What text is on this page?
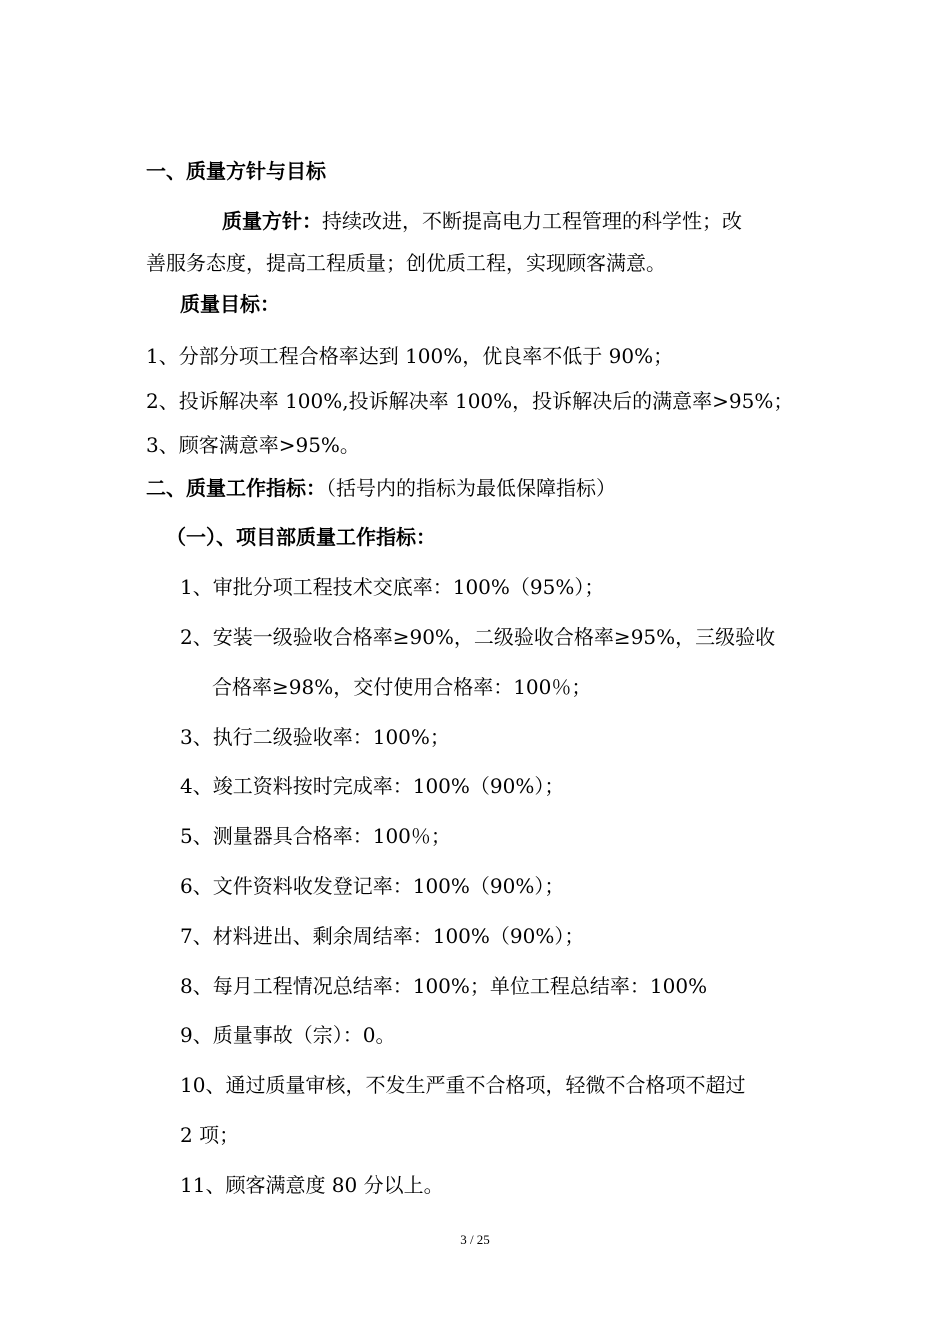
一、质量方针与目标
质量方针：持续改进，不断提高电力工程管理的科学性；改
善服务态度，提高工程质量；创优质工程，实现顾客满意。
质量目标：
1、分部分项工程合格率达到 100%，优良率不低于 90%；
2、投诉解决率 100%,投诉解决率 100%，投诉解决后的满意率>95%；
3、顾客满意率>95%。
二、质量工作指标：（括号内的指标为最低保障指标）
（一）、项目部质量工作指标：
1、审批分项工程技术交底率：100%（95%）；
2、安装一级验收合格率≥90%，二级验收合格率≥95%，三级验收
合格率≥98%，交付使用合格率：100％；
3、执行二级验收率：100%；
4、竣工资料按时完成率：100%（90%）；
5、测量器具合格率：100％；
6、文件资料收发登记率：100%（90%）；
7、材料进出、剩余周结率：100%（90%）；
8、每月工程情况总结率：100%；单位工程总结率：100%
9、质量事故（宗）：0。
10、通过质量审核，不发生严重不合格项，轻微不合格项不超过
2 项；
11、顾客满意度 80 分以上。
3 / 25
